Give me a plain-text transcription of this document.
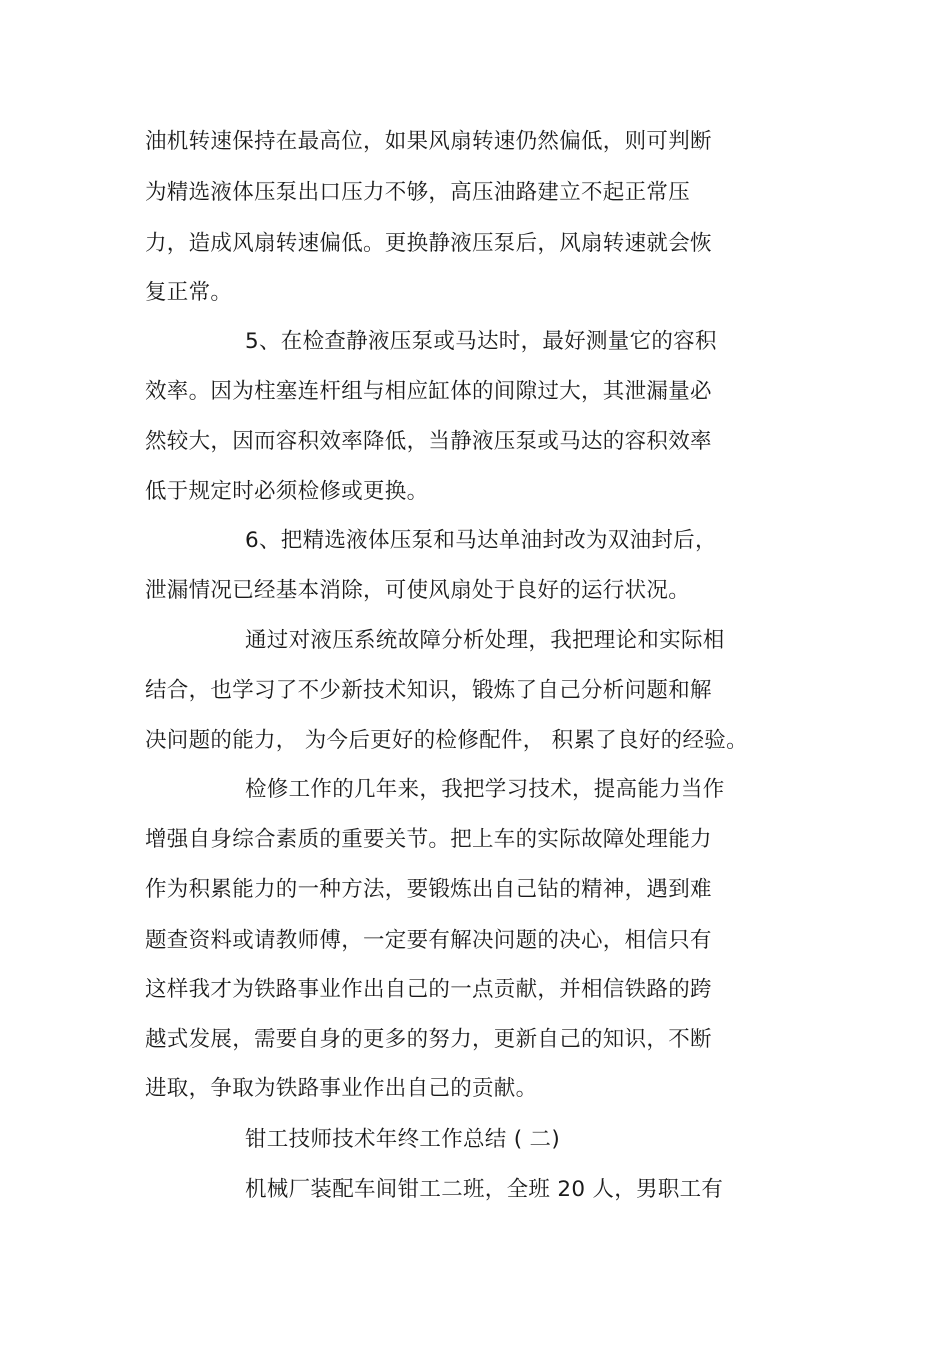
油机转速保持在最高位，如果风扇转速仍然偏低，则可判断
为精选液体压泵出口压力不够，高压油路建立不起正常压
力，造成风扇转速偏低。更换静液压泵后，风扇转速就会恢
复正常。
5、在检查静液压泵或马达时，最好测量它的容积
效率。因为柱塞连杆组与相应缸体的间隙过大，其泄漏量必
然较大，因而容积效率降低，当静液压泵或马达的容积效率
低于规定时必须检修或更换。
6、把精选液体压泵和马达单油封改为双油封后，
泄漏情况已经基本消除，可使风扇处于良好的运行状况。
通过对液压系统故障分析处理，我把理论和实际相
结合，也学习了不少新技术知识，锻炼了自己分析问题和解
决问题的能力， 为今后更好的检修配件， 积累了良好的经验。
检修工作的几年来，我把学习技术，提高能力当作
增强自身综合素质的重要关节。把上车的实际故障处理能力
作为积累能力的一种方法，要锻炼出自己钻的精神，遇到难
题查资料或请教师傅，一定要有解决问题的决心，相信只有
这样我才为铁路事业作出自己的一点贡献，并相信铁路的跨
越式发展，需要自身的更多的努力，更新自己的知识，不断
进取，争取为铁路事业作出自己的贡献。
钳工技师技术年终工作总结 ( 二)
机械厂装配车间钳工二班，全班 20 人，男职工有
